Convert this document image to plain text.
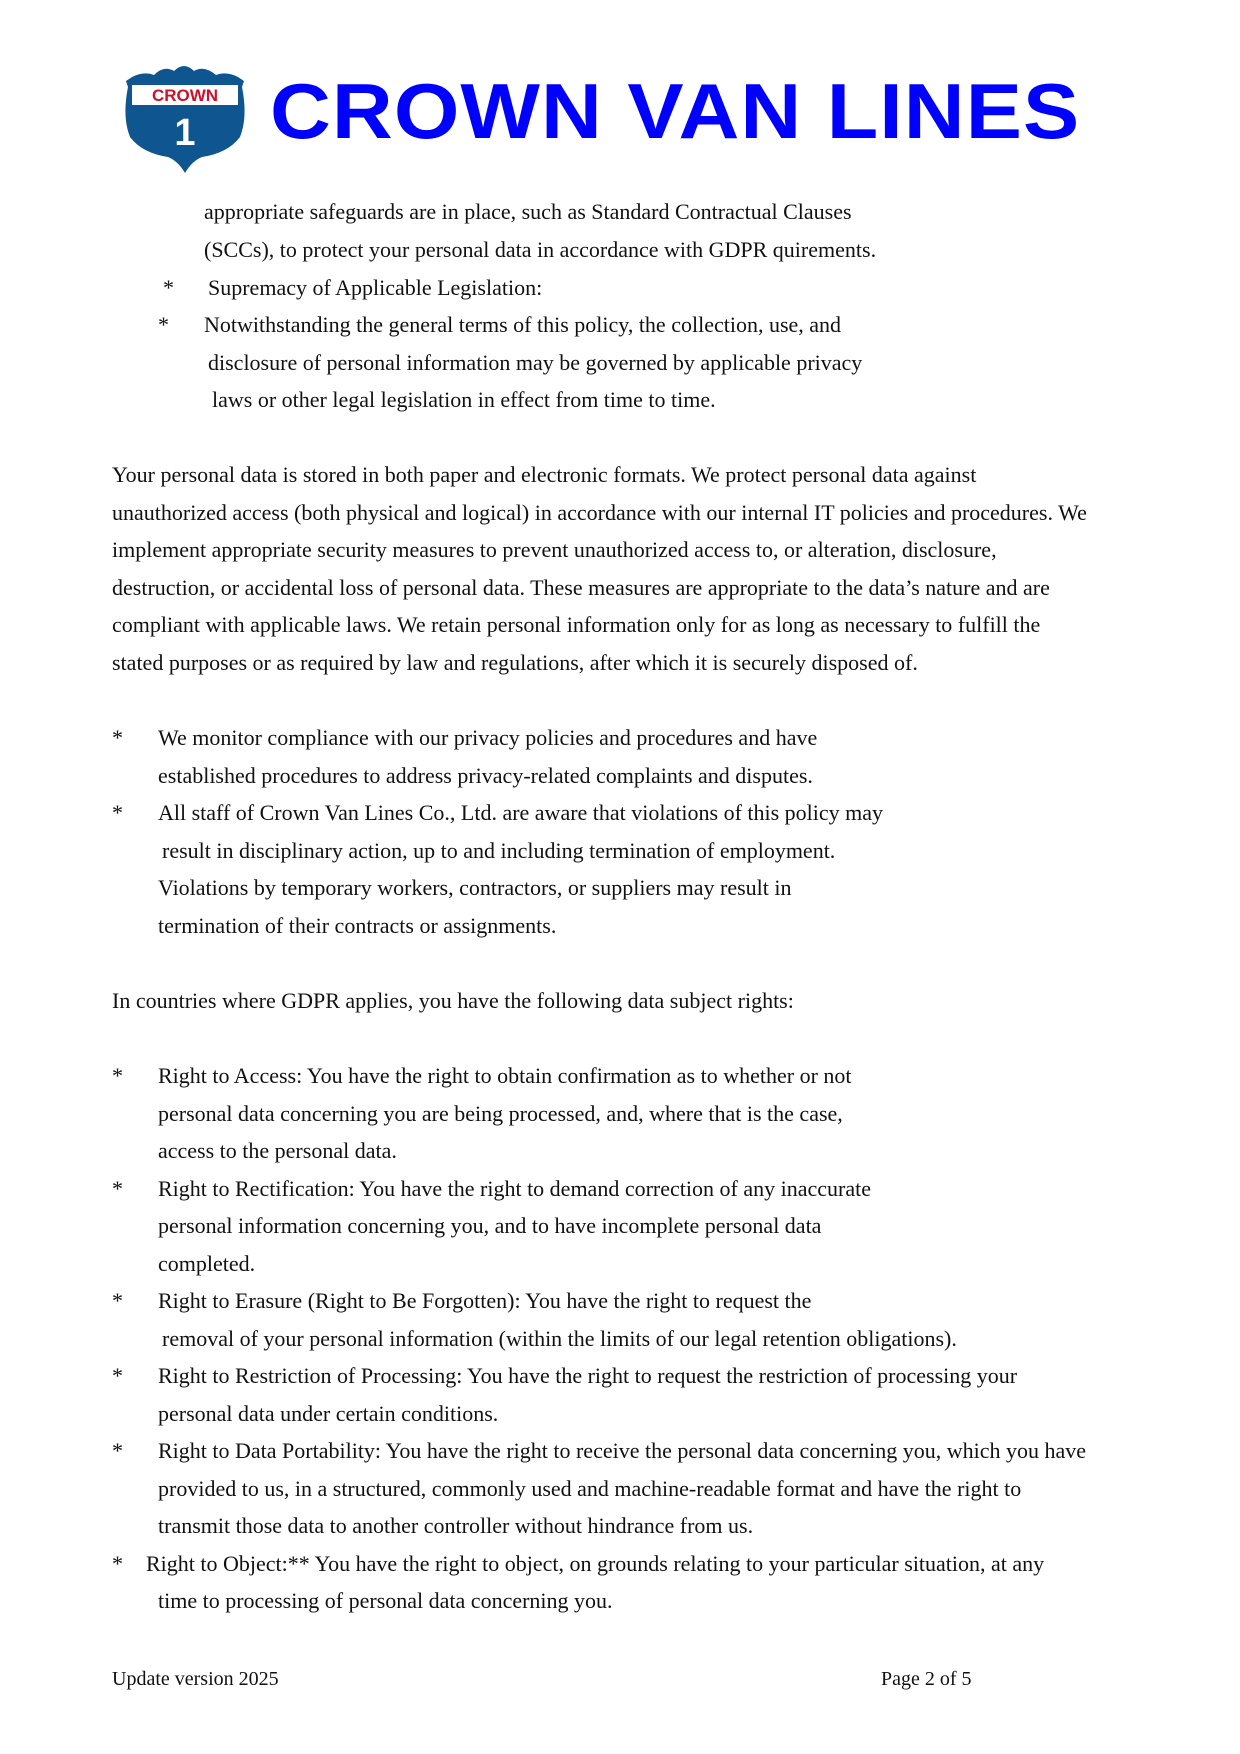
CROWN
1 CROWN VAN LINES
appropriate safeguards are in place, such as Standard Contractual Clauses
(SCCs), to protect your personal data in accordance with GDPR quirements.
* Supremacy of Applicable Legislation:
* Notwithstanding the general terms of this policy, the collection, use, and
disclosure of personal information may be governed by applicable privacy
laws or other legal legislation in effect from time to time.
Your personal data is stored in both paper and electronic formats. We protect personal data against
unauthorized access (both physical and logical) in accordance with our internal IT policies and procedures. We
implement appropriate security measures to prevent unauthorized access to, or alteration, disclosure,
destruction, or accidental loss of personal data. These measures are appropriate to the data’s nature and are
compliant with applicable laws. We retain personal information only for as long as necessary to fulfill the
stated purposes or as required by law and regulations, after which it is securely disposed of.
* We monitor compliance with our privacy policies and procedures and have
established procedures to address privacy-related complaints and disputes.
* All staff of Crown Van Lines Co., Ltd. are aware that violations of this policy may
result in disciplinary action, up to and including termination of employment.
Violations by temporary workers, contractors, or suppliers may result in
termination of their contracts or assignments.
In countries where GDPR applies, you have the following data subject rights:
* Right to Access: You have the right to obtain confirmation as to whether or not
personal data concerning you are being processed, and, where that is the case,
access to the personal data.
* Right to Rectification: You have the right to demand correction of any inaccurate
personal information concerning you, and to have incomplete personal data
completed.
* Right to Erasure (Right to Be Forgotten): You have the right to request the
removal of your personal information (within the limits of our legal retention obligations).
* Right to Restriction of Processing: You have the right to request the restriction of processing your
personal data under certain conditions.
* Right to Data Portability: You have the right to receive the personal data concerning you, which you have
provided to us, in a structured, commonly used and machine-readable format and have the right to
transmit those data to another controller without hindrance from us.
* Right to Object:** You have the right to object, on grounds relating to your particular situation, at any
time to processing of personal data concerning you.
Update version 2025	Page 2 of 5
